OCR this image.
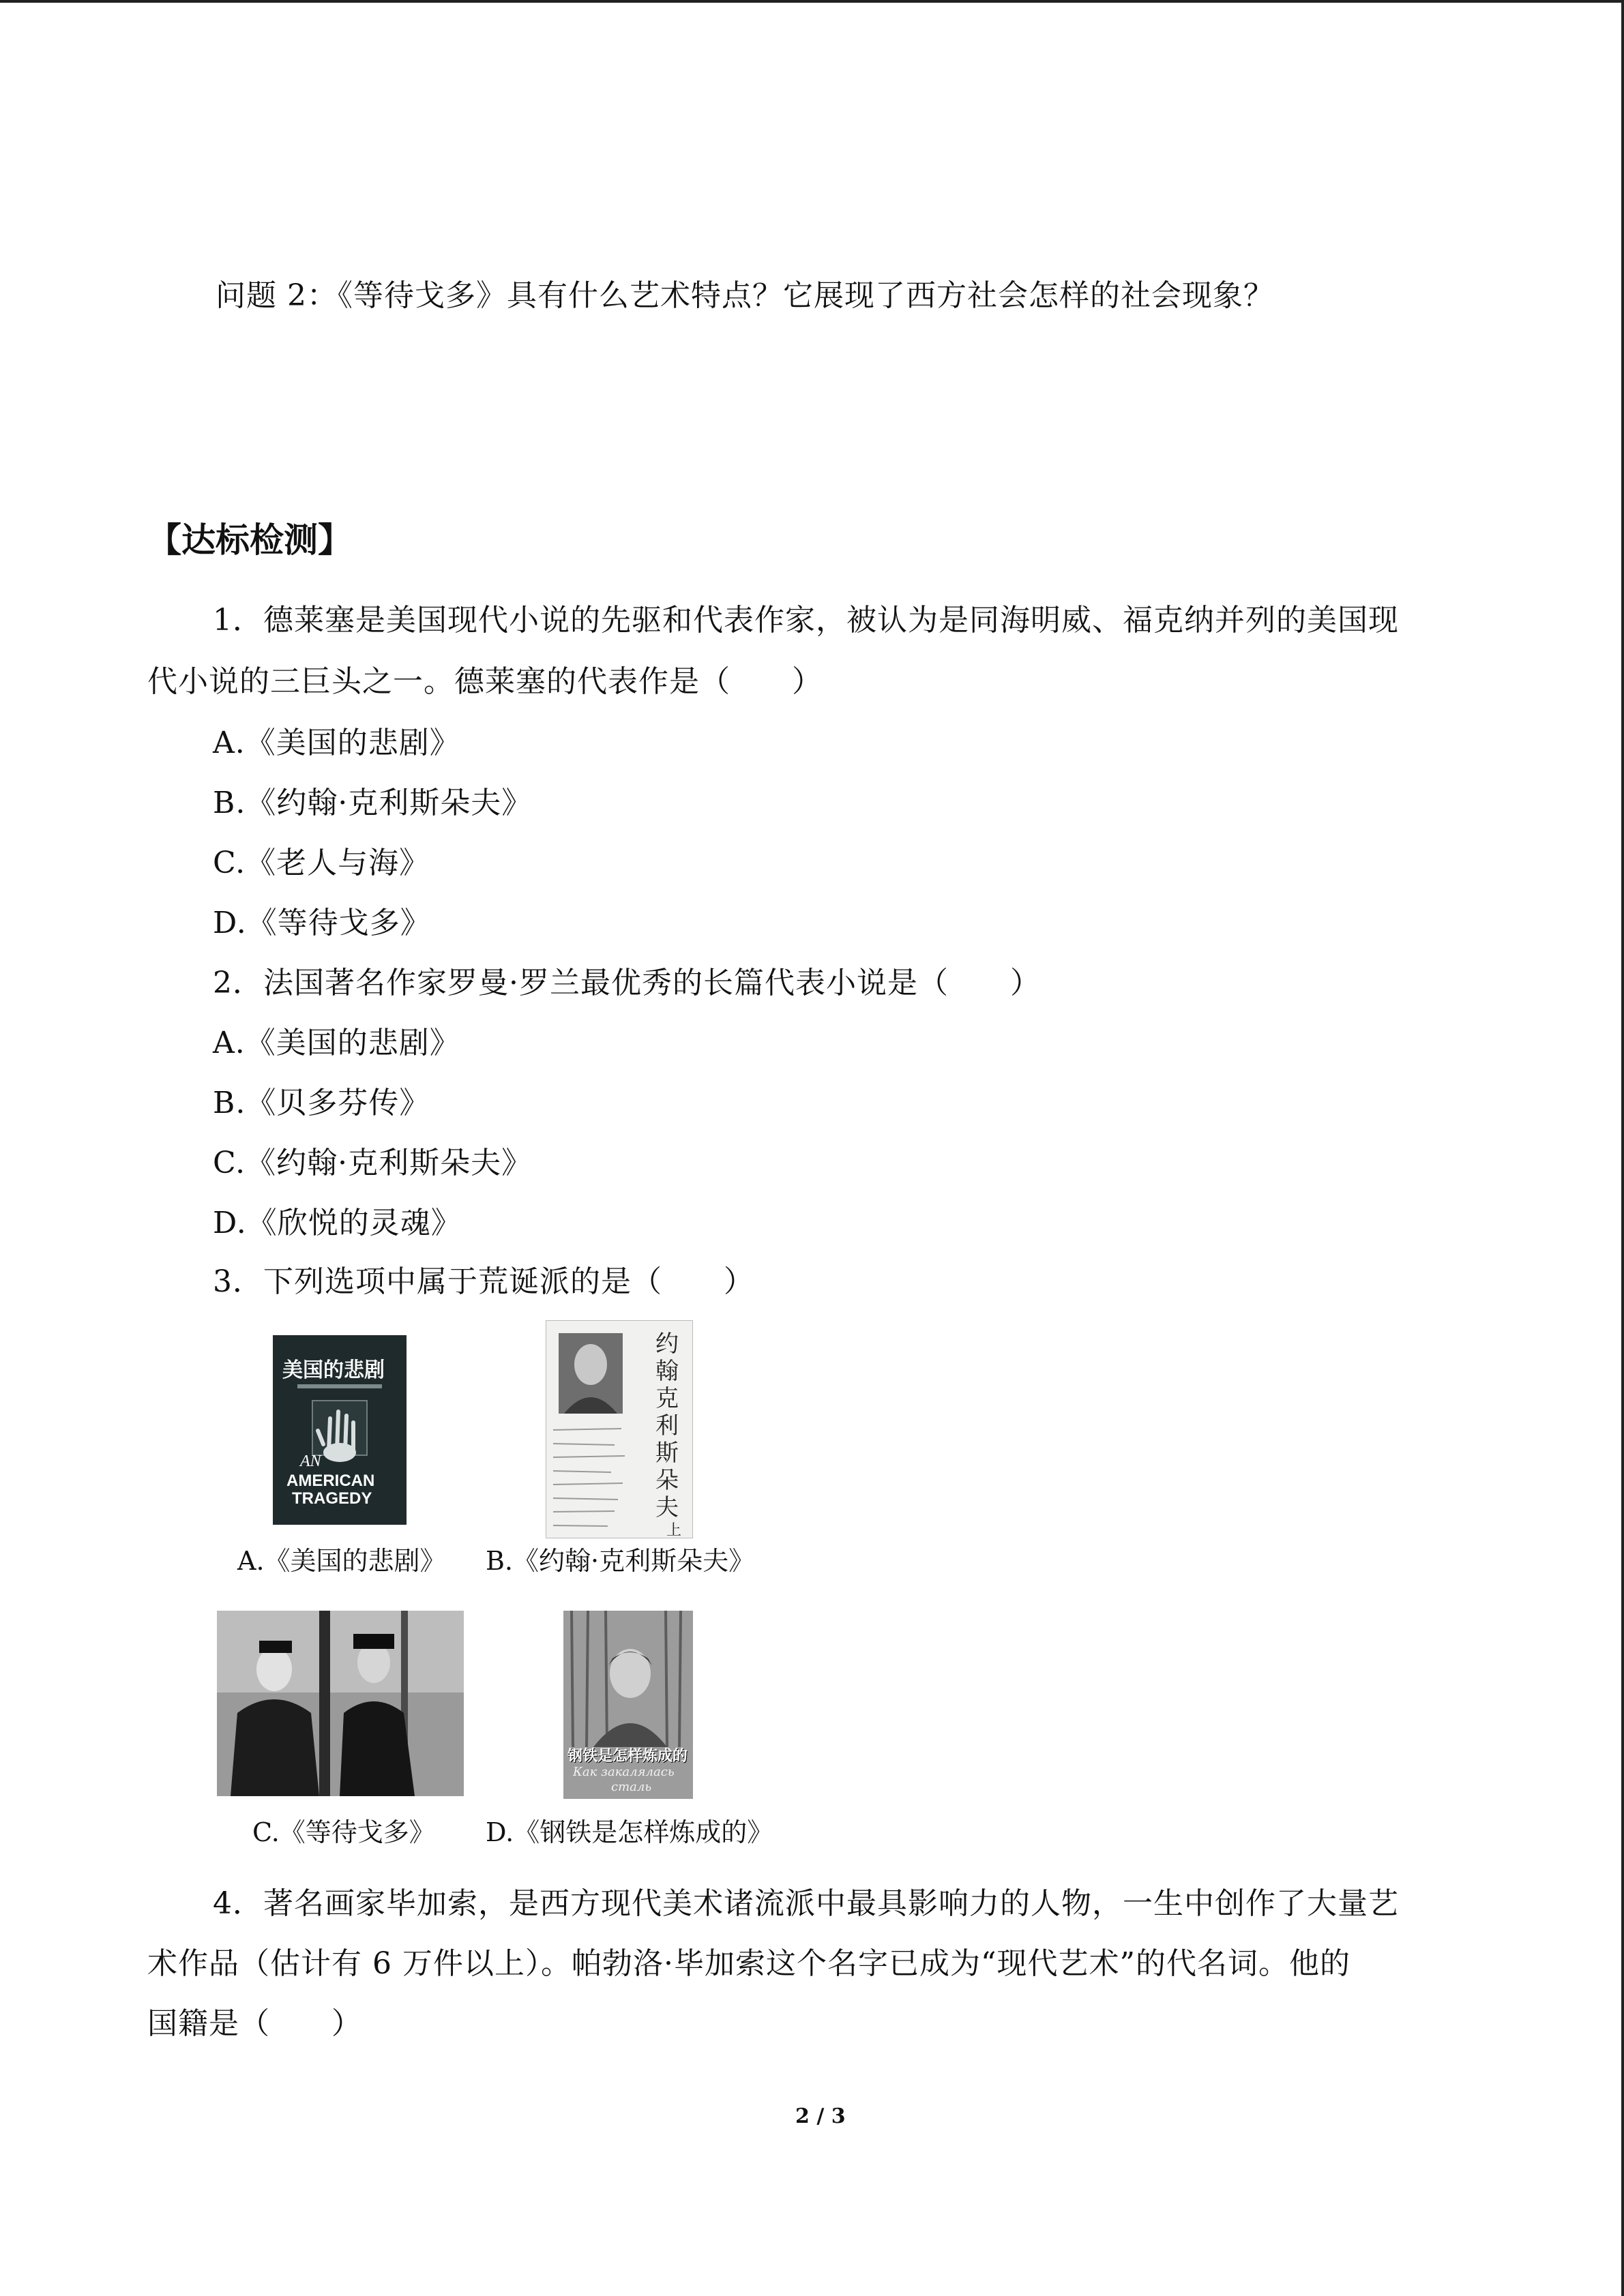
问题 2：《等待戈多》具有什么艺术特点？它展现了西方社会怎样的社会现象？
【达标检测】
1．德莱塞是美国现代小说的先驱和代表作家，被认为是同海明威、福克纳并列的美国现
代小说的三巨头之一。德莱塞的代表作是（　　）
A.《美国的悲剧》
B.《约翰·克利斯朵夫》
C.《老人与海》
D.《等待戈多》
2．法国著名作家罗曼·罗兰最优秀的长篇代表小说是（　　）
A.《美国的悲剧》
B.《贝多芬传》
C.《约翰·克利斯朵夫》
D.《欣悦的灵魂》
3．下列选项中属于荒诞派的是（　　）
美国的悲剧
AN
AMERICAN
TRAGEDY
约
翰
克
利
斯
朵
夫
上
A.《美国的悲剧》 B.《约翰·克利斯朵夫》
钢铁是怎样炼成的
Как закалялась
сталь
C.《等待戈多》 D.《钢铁是怎样炼成的》
4．著名画家毕加索，是西方现代美术诸流派中最具影响力的人物，一生中创作了大量艺
术作品（估计有 6 万件以上）。帕勃洛·毕加索这个名字已成为“现代艺术”的代名词。他的
国籍是（　　）
2 / 3
